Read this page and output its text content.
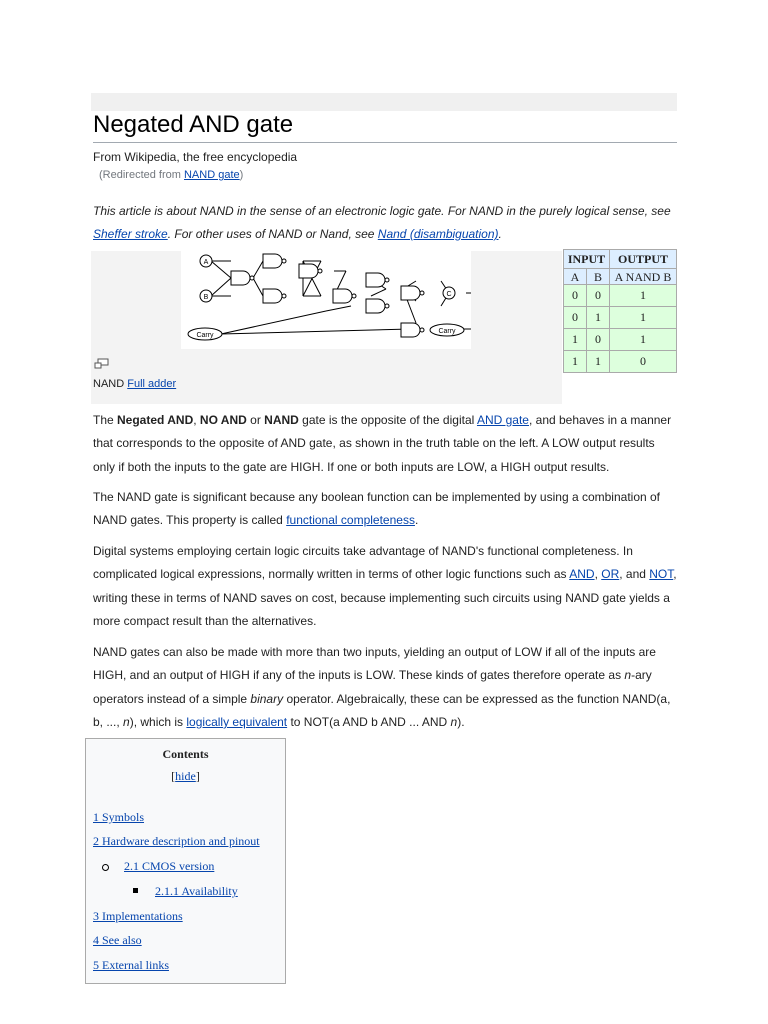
Negated AND gate
From Wikipedia, the free encyclopedia
(Redirected from NAND gate)
This article is about NAND in the sense of an electronic logic gate. For NAND in the purely logical sense, see Sheffer stroke. For other uses of NAND or Nand, see Nand (disambiguation).
A
B	C
Carry
Carry
NAND Full adder
INPUT		OUTPUT
A	B	A NAND B
0	0	1
0	1	1
1	0	1
1	1	0
The Negated AND, NO AND or NAND gate is the opposite of the digital AND gate, and behaves in a manner that corresponds to the opposite of AND gate, as shown in the truth table on the left. A LOW output results only if both the inputs to the gate are HIGH. If one or both inputs are LOW, a HIGH output results.
The NAND gate is significant because any boolean function can be implemented by using a combination of NAND gates. This property is called functional completeness.
Digital systems employing certain logic circuits take advantage of NAND's functional completeness. In complicated logical expressions, normally written in terms of other logic functions such as AND, OR, and NOT, writing these in terms of NAND saves on cost, because implementing such circuits using NAND gate yields a more compact result than the alternatives.
NAND gates can also be made with more than two inputs, yielding an output of LOW if all of the inputs are HIGH, and an output of HIGH if any of the inputs is LOW. These kinds of gates therefore operate as n-ary operators instead of a simple binary operator. Algebraically, these can be expressed as the function NAND(a, b, ..., n), which is logically equivalent to NOT(a AND b AND ... AND n).
Contents
[hide]
1 Symbols
2 Hardware description and pinout
2.1 CMOS version
2.1.1 Availability
3 Implementations
4 See also
5 External links
